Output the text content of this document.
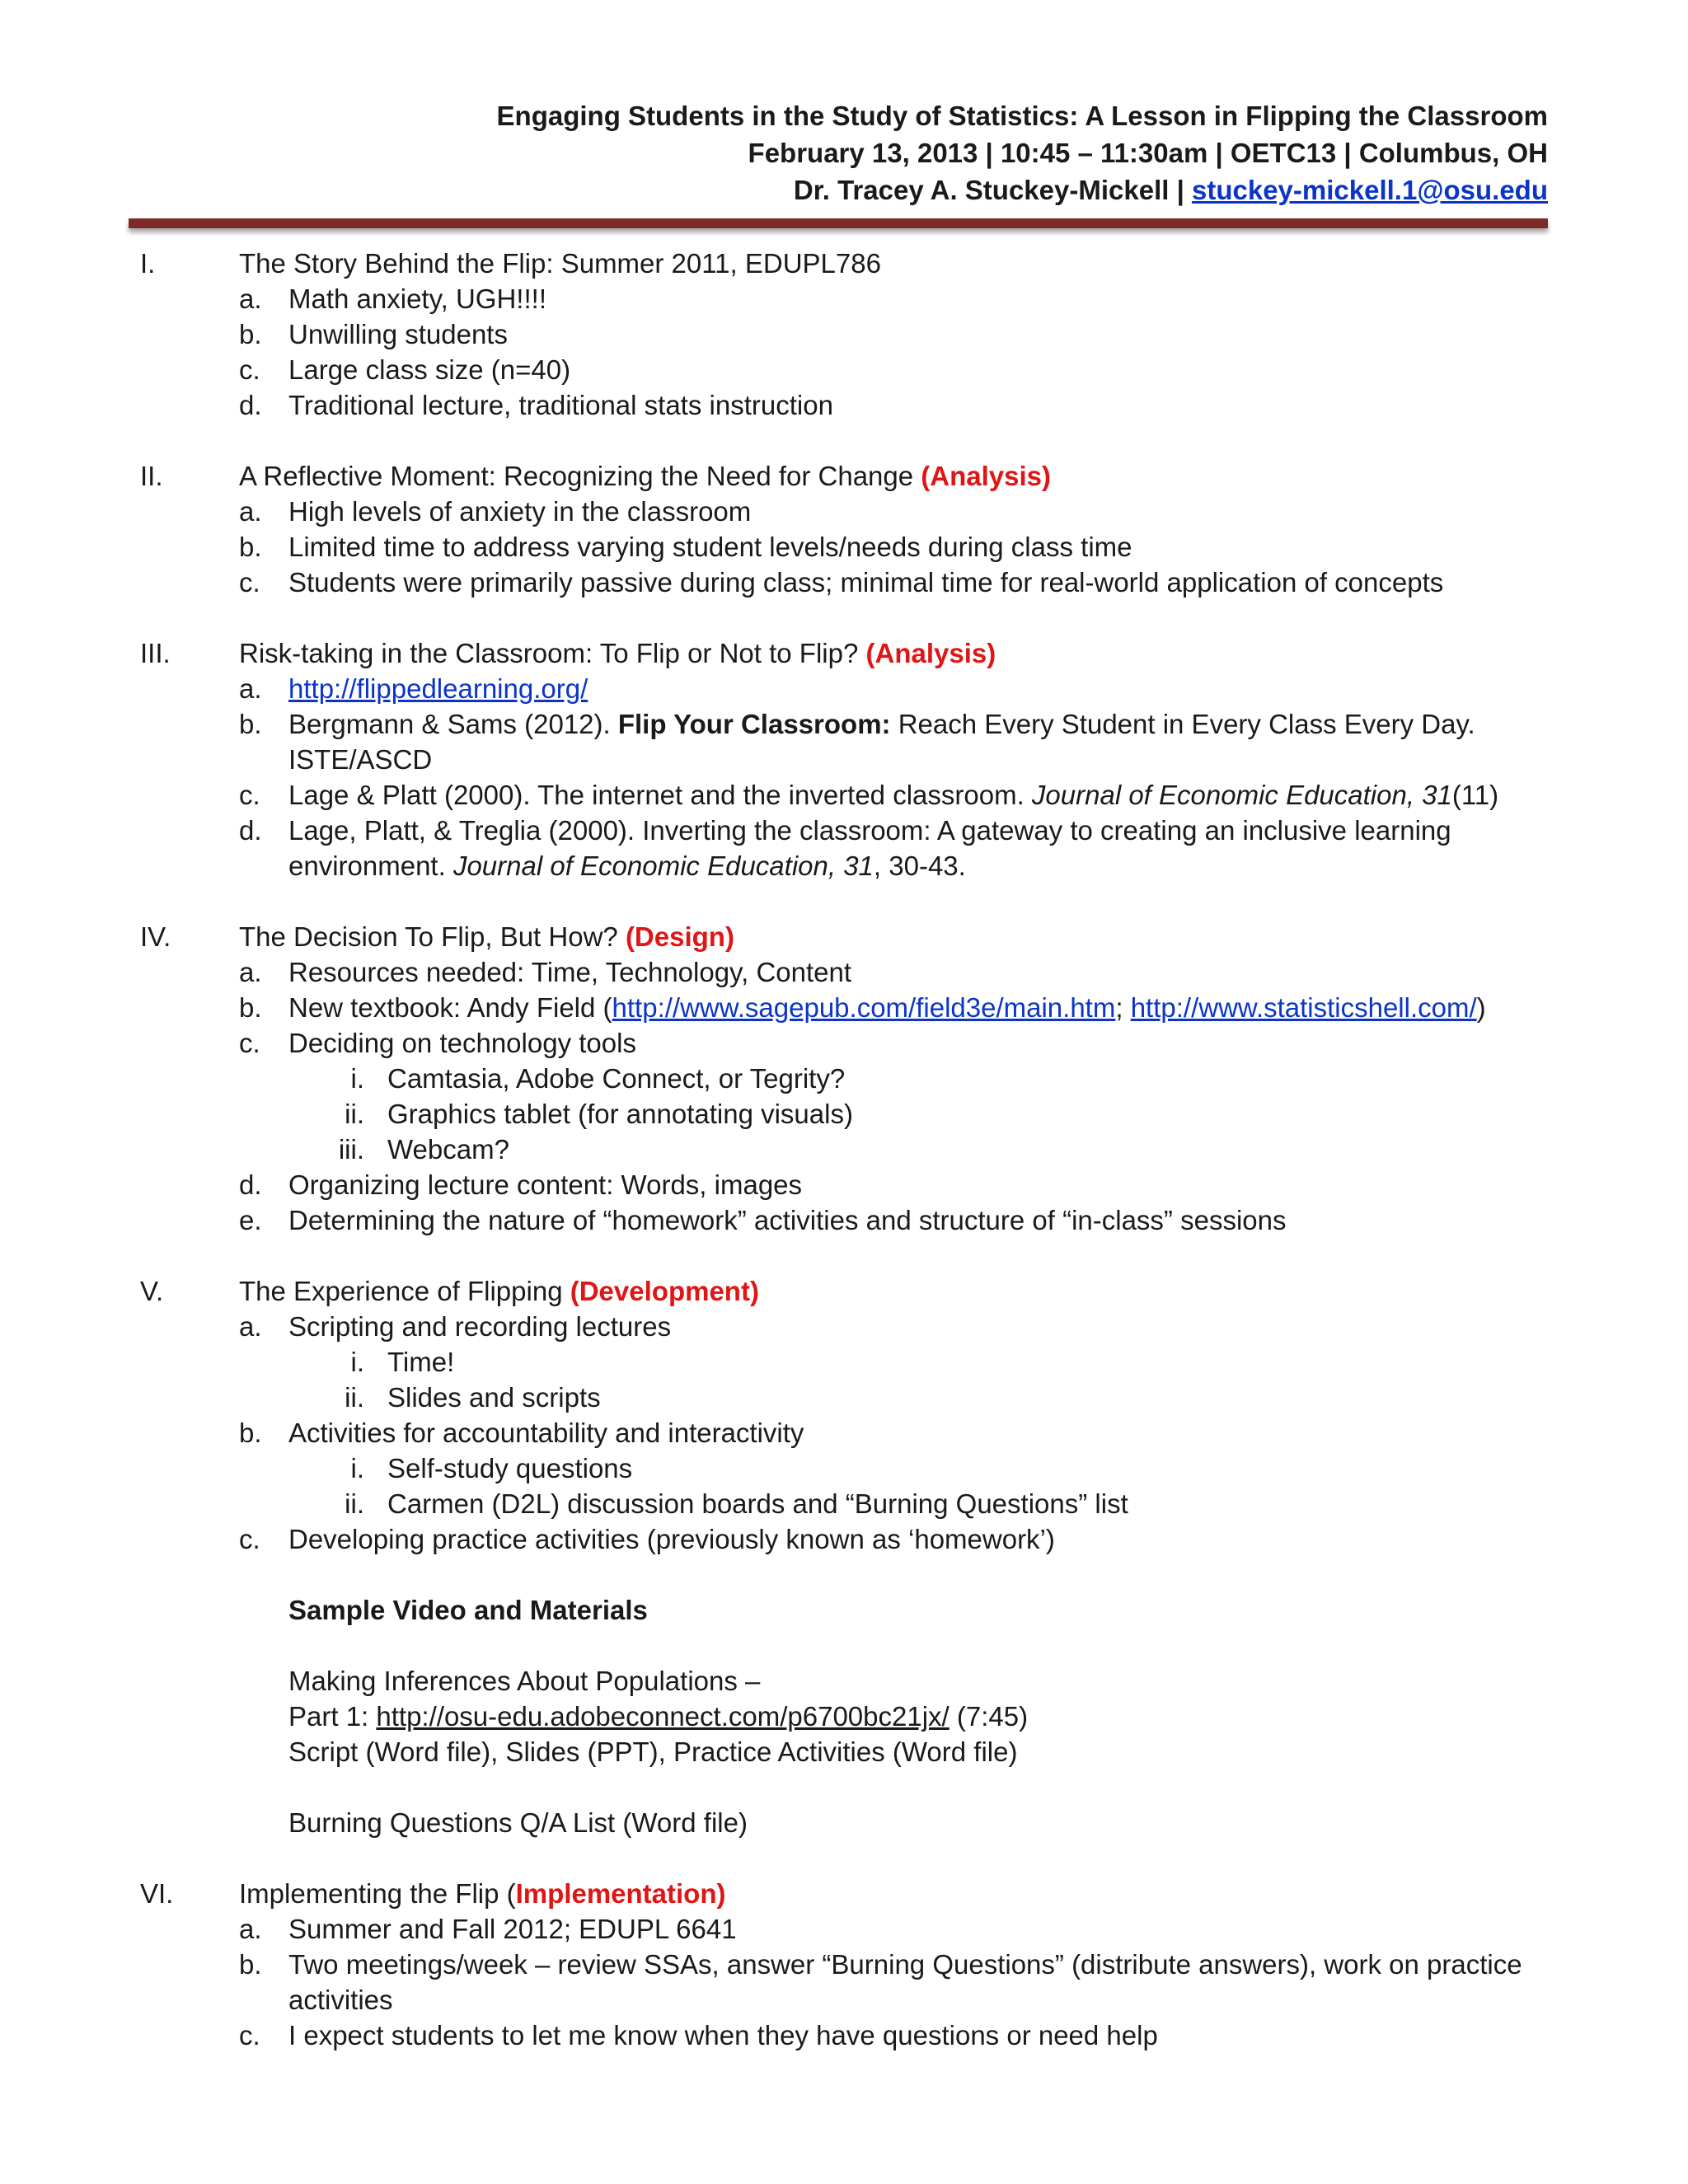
Engaging Students in the Study of Statistics: A Lesson in Flipping the Classroom
February 13, 2013 | 10:45 – 11:30am | OETC13 | Columbus, OH
Dr. Tracey A. Stuckey-Mickell | stuckey-mickell.1@osu.edu
I.	The Story Behind the Flip: Summer 2011, EDUPL786
a. Math anxiety, UGH!!!!
b. Unwilling students
c. Large class size (n=40)
d. Traditional lecture, traditional stats instruction
II.	A Reflective Moment: Recognizing the Need for Change (Analysis)
a. High levels of anxiety in the classroom
b. Limited time to address varying student levels/needs during class time
c. Students were primarily passive during class; minimal time for real-world application of concepts
III.	Risk-taking in the Classroom: To Flip or Not to Flip? (Analysis)
a. http://flippedlearning.org/
b. Bergmann & Sams (2012). Flip Your Classroom: Reach Every Student in Every Class Every Day. ISTE/ASCD
c. Lage & Platt (2000). The internet and the inverted classroom. Journal of Economic Education, 31(11)
d. Lage, Platt, & Treglia (2000). Inverting the classroom: A gateway to creating an inclusive learning environment. Journal of Economic Education, 31, 30-43.
IV.	The Decision To Flip, But How? (Design)
a. Resources needed: Time, Technology, Content
b. New textbook: Andy Field (http://www.sagepub.com/field3e/main.htm; http://www.statisticshell.com/)
c. Deciding on technology tools
i. Camtasia, Adobe Connect, or Tegrity?
ii. Graphics tablet (for annotating visuals)
iii. Webcam?
d. Organizing lecture content: Words, images
e. Determining the nature of “homework” activities and structure of “in-class” sessions
V.	The Experience of Flipping (Development)
a. Scripting and recording lectures
i. Time!
ii. Slides and scripts
b. Activities for accountability and interactivity
i. Self-study questions
ii. Carmen (D2L) discussion boards and “Burning Questions” list
c. Developing practice activities (previously known as ‘homework’)
Sample Video and Materials
Making Inferences About Populations –
Part 1: http://osu-edu.adobeconnect.com/p6700bc21jx/ (7:45)
Script (Word file), Slides (PPT), Practice Activities (Word file)
Burning Questions Q/A List (Word file)
VI. Implementing the Flip (Implementation)
a. Summer and Fall 2012; EDUPL 6641
b. Two meetings/week – review SSAs, answer “Burning Questions” (distribute answers), work on practice activities
c. I expect students to let me know when they have questions or need help
